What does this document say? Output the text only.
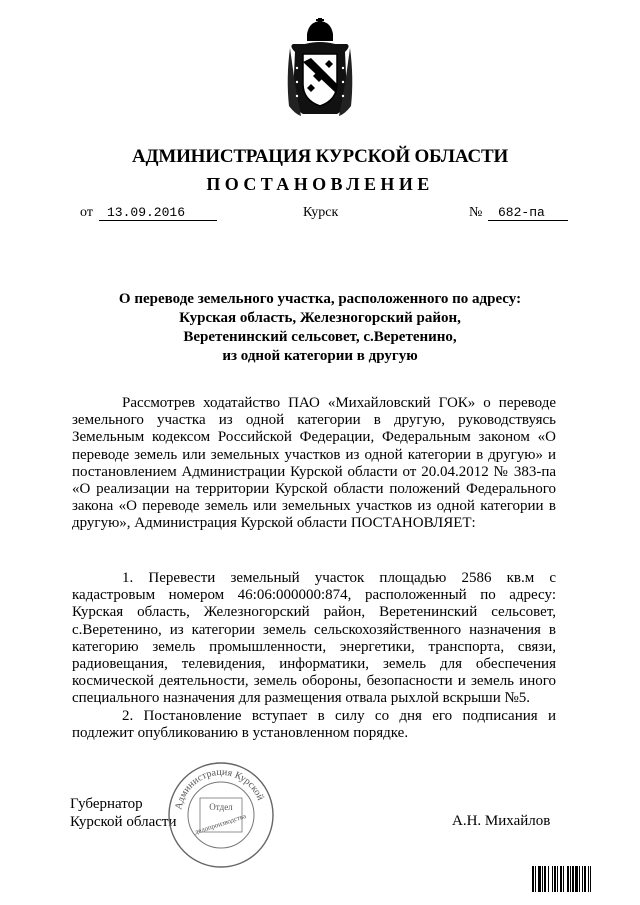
АДМИНИСТРАЦИЯ КУРСКОЙ ОБЛАСТИ
ПОСТАНОВЛЕНИЕ
от	13.09.2016	Курск	№	682-па
О переводе земельного участка, расположенного по адресу:
Курская область, Железногорский район,
Веретенинский сельсовет, с.Веретенино,
из одной категории в другую

Рассмотрев ходатайство ПАО «Михайловский ГОК» о переводе земельного участка из одной категории в другую, руководствуясь Земельным кодексом Российской Федерации, Федеральным законом «О переводе земель или земельных участков из одной категории в другую» и постановлением Администрации Курской области от 20.04.2012 № 383-па «О реализации на территории Курской области положений Федерального закона «О переводе земель или земельных участков из одной категории в другую», Администрация Курской области ПОСТАНОВЛЯЕТ:

1. Перевести земельный участок площадью 2586 кв.м с кадастровым номером 46:06:000000:874, расположенный по адресу: Курская область, Железногорский район, Веретенинский сельсовет, с.Веретенино, из категории земель сельскохозяйственного назначения в категорию земель промышленности, энергетики, транспорта, связи, радиовещания, телевидения, информатики, земель для обеспечения космической деятельности, земель обороны, безопасности и земель иного специального назначения для размещения отвала рыхлой вскрыши №5.

2. Постановление вступает в силу со дня его подписания и подлежит опубликованию в установленном порядке.

Губернатор
Курской области	А.Н. Михайлов
Администрация Курской
Отдел
делопроизводства
